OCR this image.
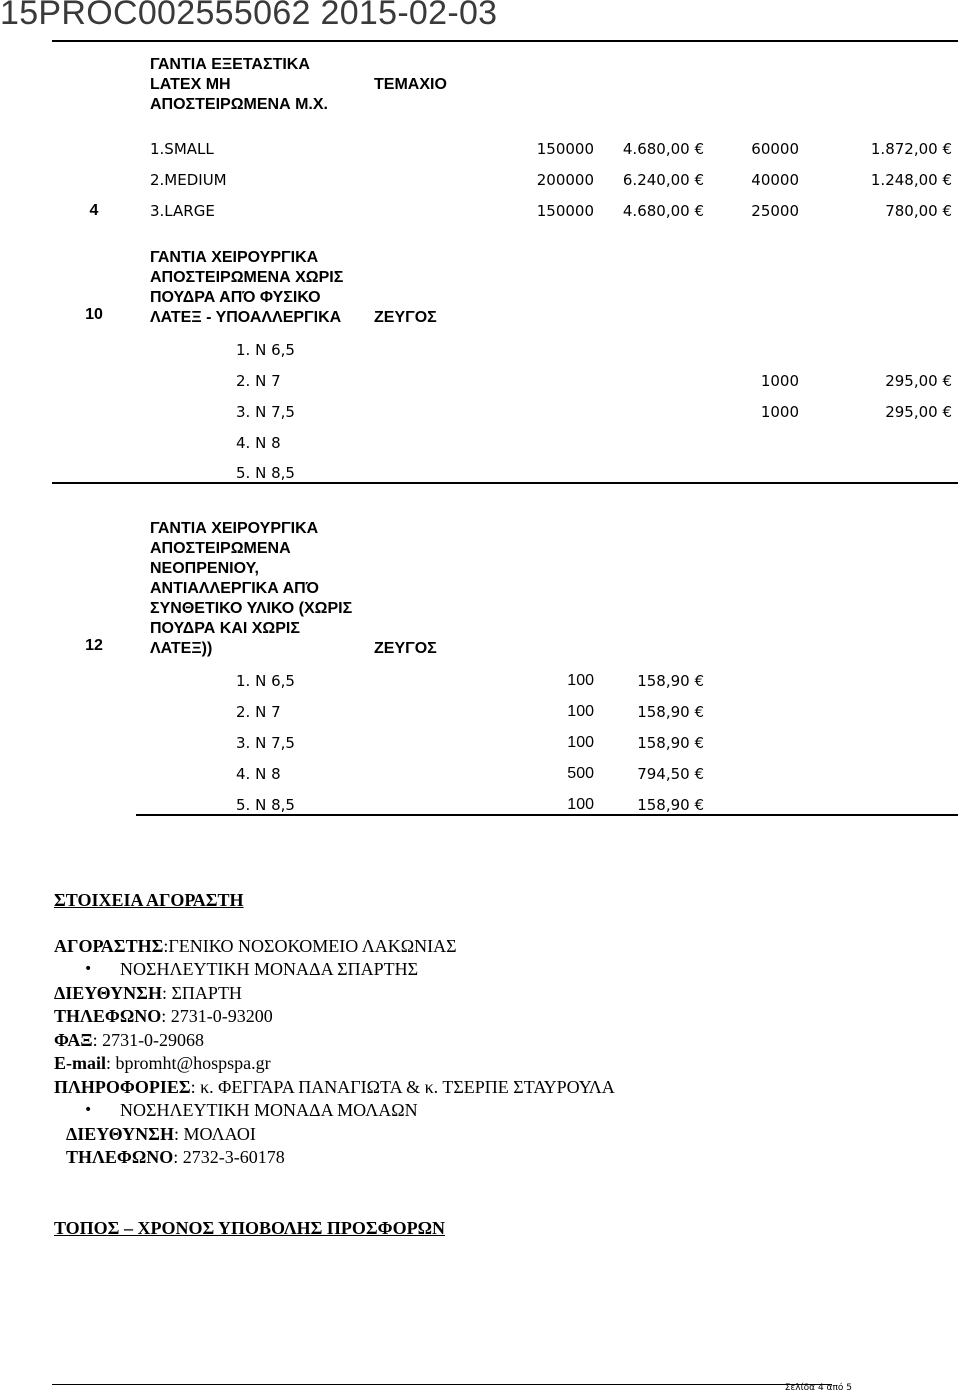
15PROC002555062 2015-02-03
4	ΓΑΝΤΙΑ ΕΞΕΤΑΣΤΙΚΑ LATEX ΜΗ ΑΠΟΣΤΕΙΡΩΜΕΝΑ Μ.Χ.	ΤΕΜΑΧΙΟ				
	1.SMALL		150000	4.680,00 €	60000	1.872,00 €
	2.MEDIUM		200000	6.240,00 €	40000	1.248,00 €
	3.LARGE		150000	4.680,00 €	25000	780,00 €
10	ΓΑΝΤΙΑ ΧΕΙΡΟΥΡΓΙΚΑ ΑΠΟΣΤΕΙΡΩΜΕΝΑ ΧΩΡΙΣ ΠΟΥΔΡΑ ΑΠΌ ΦΥΣΙΚΟ ΛΑΤΕΞ - ΥΠΟΑΛΛΕΡΓΙΚΑ	ΖΕΥΓΟΣ				
	1. N 6,5					
	2. N 7				1000	295,00 €
	3. N 7,5				1000	295,00 €
	4. N 8					
	5. N 8,5					
12	ΓΑΝΤΙΑ ΧΕΙΡΟΥΡΓΙΚΑ ΑΠΟΣΤΕΙΡΩΜΕΝΑ ΝΕΟΠΡΕΝΙΟΥ, ΑΝΤΙΑΛΛΕΡΓΙΚΑ ΑΠΌ ΣΥΝΘΕΤΙΚΟ ΥΛΙΚΟ (ΧΩΡΙΣ ΠΟΥΔΡΑ ΚΑΙ ΧΩΡΙΣ ΛΑΤΕΞ))	ΖΕΥΓΟΣ				
	1. N 6,5		100	158,90 €		
	2. N 7		100	158,90 €		
	3. N 7,5		100	158,90 €		
	4. N 8		500	794,50 €		
	5. N 8,5		100	158,90 €		

ΣΤΟΙΧΕΙΑ ΑΓΟΡΑΣΤΗ

ΑΓΟΡΑΣΤΗΣ:ΓΕΝΙΚΟ ΝΟΣΟΚΟΜΕΙΟ ΛΑΚΩΝΙΑΣ

• ΝΟΣΗΛΕΥΤΙΚΗ ΜΟΝΑΔΑ ΣΠΑΡΤΗΣ

ΔΙΕΥΘΥΝΣΗ: ΣΠΑΡΤΗ

ΤΗΛΕΦΩΝΟ: 2731-0-93200

ΦΑΞ: 2731-0-29068

E-mail: bpromht@hospspa.gr

ΠΛΗΡΟΦΟΡΙΕΣ: κ. ΦΕΓΓΑΡΑ ΠΑΝΑΓΙΩΤΑ & κ. ΤΣΕΡΠΕ ΣΤΑΥΡΟΥΛΑ

• ΝΟΣΗΛΕΥΤΙΚΗ ΜΟΝΑΔΑ ΜΟΛΑΩΝ

ΔΙΕΥΘΥΝΣΗ: ΜΟΛΑΟΙ

ΤΗΛΕΦΩΝΟ: 2732-3-60178

ΤΟΠΟΣ – ΧΡΟΝΟΣ ΥΠΟΒΟΛΗΣ ΠΡΟΣΦΟΡΩΝ

Σελίδα 4 από 5
